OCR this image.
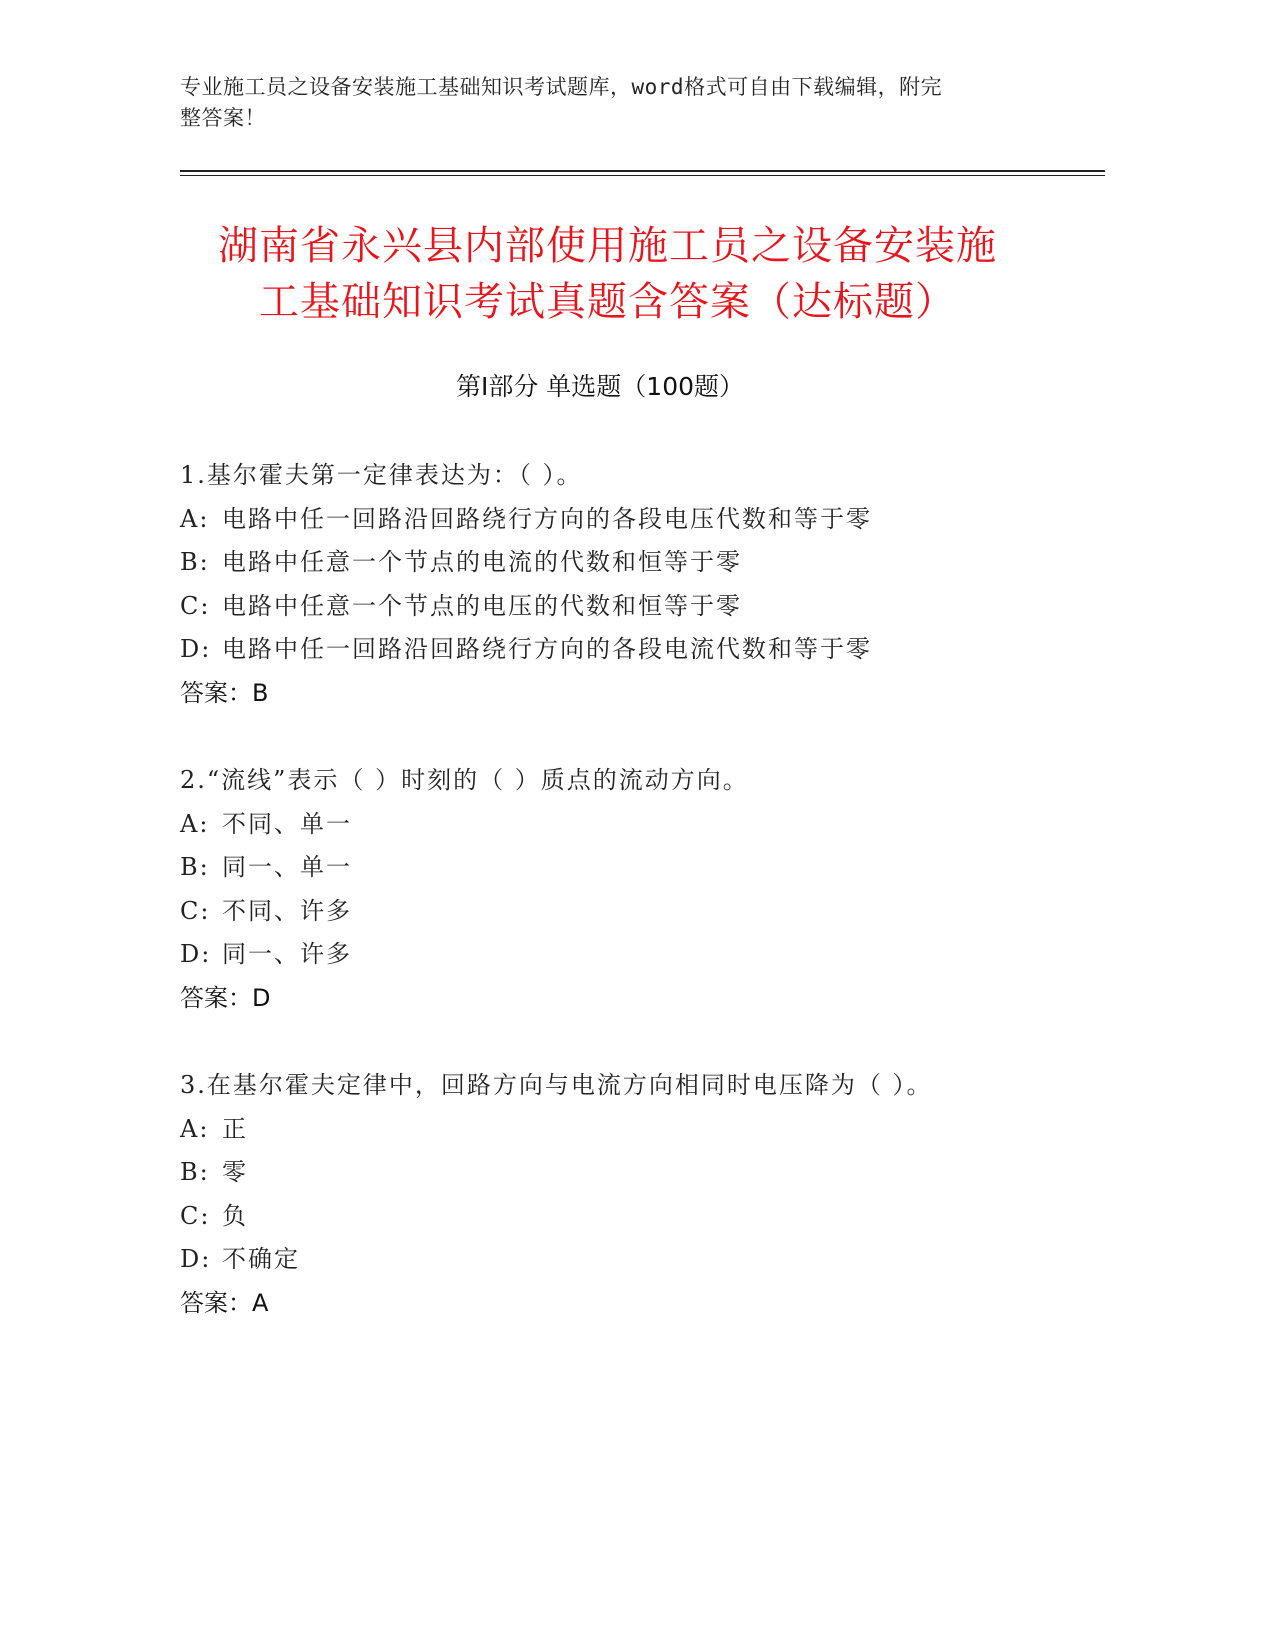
专业施工员之设备安装施工基础知识考试题库，word格式可自由下载编辑，附完
整答案！
湖南省永兴县内部使用施工员之设备安装施
工基础知识考试真题含答案（达标题）
第Ⅰ部分 单选题（100题）
1.基尔霍夫第一定律表达为：（ ）。
A: 电路中任一回路沿回路绕行方向的各段电压代数和等于零
B: 电路中任意一个节点的电流的代数和恒等于零
C: 电路中任意一个节点的电压的代数和恒等于零
D: 电路中任一回路沿回路绕行方向的各段电流代数和等于零
答案：B
2.“流线”表示（ ）时刻的（ ）质点的流动方向。
A: 不同、单一
B: 同一、单一
C: 不同、许多
D: 同一、许多
答案：D
3.在基尔霍夫定律中，回路方向与电流方向相同时电压降为（ ）。
A: 正
B: 零
C: 负
D: 不确定
答案：A
